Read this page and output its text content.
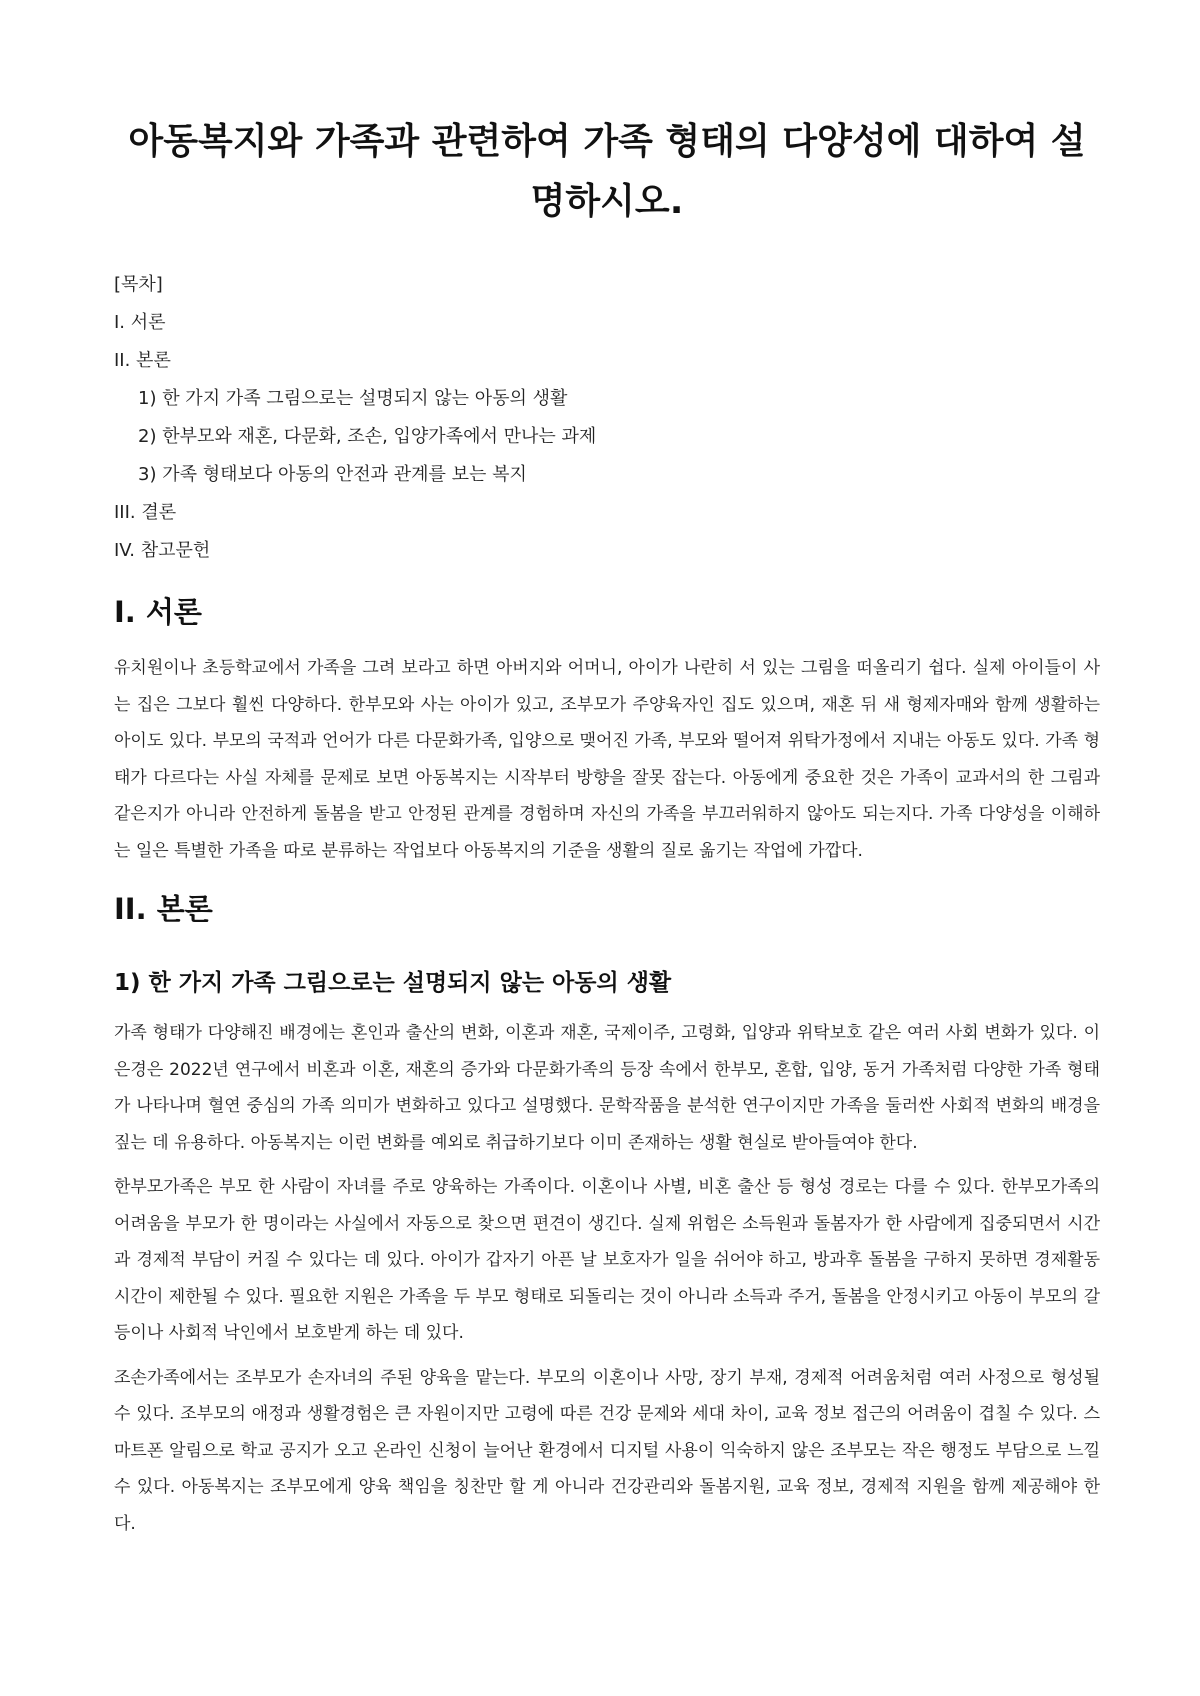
아동복지와 가족과 관련하여 가족 형태의 다양성에 대하여 설명하시오.
[목차]
I. 서론
II. 본론
1) 한 가지 가족 그림으로는 설명되지 않는 아동의 생활
2) 한부모와 재혼, 다문화, 조손, 입양가족에서 만나는 과제
3) 가족 형태보다 아동의 안전과 관계를 보는 복지
III. 결론
IV. 참고문헌
I. 서론

유치원이나 초등학교에서 가족을 그려 보라고 하면 아버지와 어머니, 아이가 나란히 서 있는 그림을 떠올리기 쉽다. 실제 아이들이 사는 집은 그보다 훨씬 다양하다. 한부모와 사는 아이가 있고, 조부모가 주양육자인 집도 있으며, 재혼 뒤 새 형제자매와 함께 생활하는 아이도 있다. 부모의 국적과 언어가 다른 다문화가족, 입양으로 맺어진 가족, 부모와 떨어져 위탁가정에서 지내는 아동도 있다. 가족 형태가 다르다는 사실 자체를 문제로 보면 아동복지는 시작부터 방향을 잘못 잡는다. 아동에게 중요한 것은 가족이 교과서의 한 그림과 같은지가 아니라 안전하게 돌봄을 받고 안정된 관계를 경험하며 자신의 가족을 부끄러워하지 않아도 되는지다. 가족 다양성을 이해하는 일은 특별한 가족을 따로 분류하는 작업보다 아동복지의 기준을 생활의 질로 옮기는 작업에 가깝다.

II. 본론
1) 한 가지 가족 그림으로는 설명되지 않는 아동의 생활

가족 형태가 다양해진 배경에는 혼인과 출산의 변화, 이혼과 재혼, 국제이주, 고령화, 입양과 위탁보호 같은 여러 사회 변화가 있다. 이은경은 2022년 연구에서 비혼과 이혼, 재혼의 증가와 다문화가족의 등장 속에서 한부모, 혼합, 입양, 동거 가족처럼 다양한 가족 형태가 나타나며 혈연 중심의 가족 의미가 변화하고 있다고 설명했다. 문학작품을 분석한 연구이지만 가족을 둘러싼 사회적 변화의 배경을 짚는 데 유용하다. 아동복지는 이런 변화를 예외로 취급하기보다 이미 존재하는 생활 현실로 받아들여야 한다.

한부모가족은 부모 한 사람이 자녀를 주로 양육하는 가족이다. 이혼이나 사별, 비혼 출산 등 형성 경로는 다를 수 있다. 한부모가족의 어려움을 부모가 한 명이라는 사실에서 자동으로 찾으면 편견이 생긴다. 실제 위험은 소득원과 돌봄자가 한 사람에게 집중되면서 시간과 경제적 부담이 커질 수 있다는 데 있다. 아이가 갑자기 아픈 날 보호자가 일을 쉬어야 하고, 방과후 돌봄을 구하지 못하면 경제활동 시간이 제한될 수 있다. 필요한 지원은 가족을 두 부모 형태로 되돌리는 것이 아니라 소득과 주거, 돌봄을 안정시키고 아동이 부모의 갈등이나 사회적 낙인에서 보호받게 하는 데 있다.

조손가족에서는 조부모가 손자녀의 주된 양육을 맡는다. 부모의 이혼이나 사망, 장기 부재, 경제적 어려움처럼 여러 사정으로 형성될 수 있다. 조부모의 애정과 생활경험은 큰 자원이지만 고령에 따른 건강 문제와 세대 차이, 교육 정보 접근의 어려움이 겹칠 수 있다. 스마트폰 알림으로 학교 공지가 오고 온라인 신청이 늘어난 환경에서 디지털 사용이 익숙하지 않은 조부모는 작은 행정도 부담으로 느낄 수 있다. 아동복지는 조부모에게 양육 책임을 칭찬만 할 게 아니라 건강관리와 돌봄지원, 교육 정보, 경제적 지원을 함께 제공해야 한다.
